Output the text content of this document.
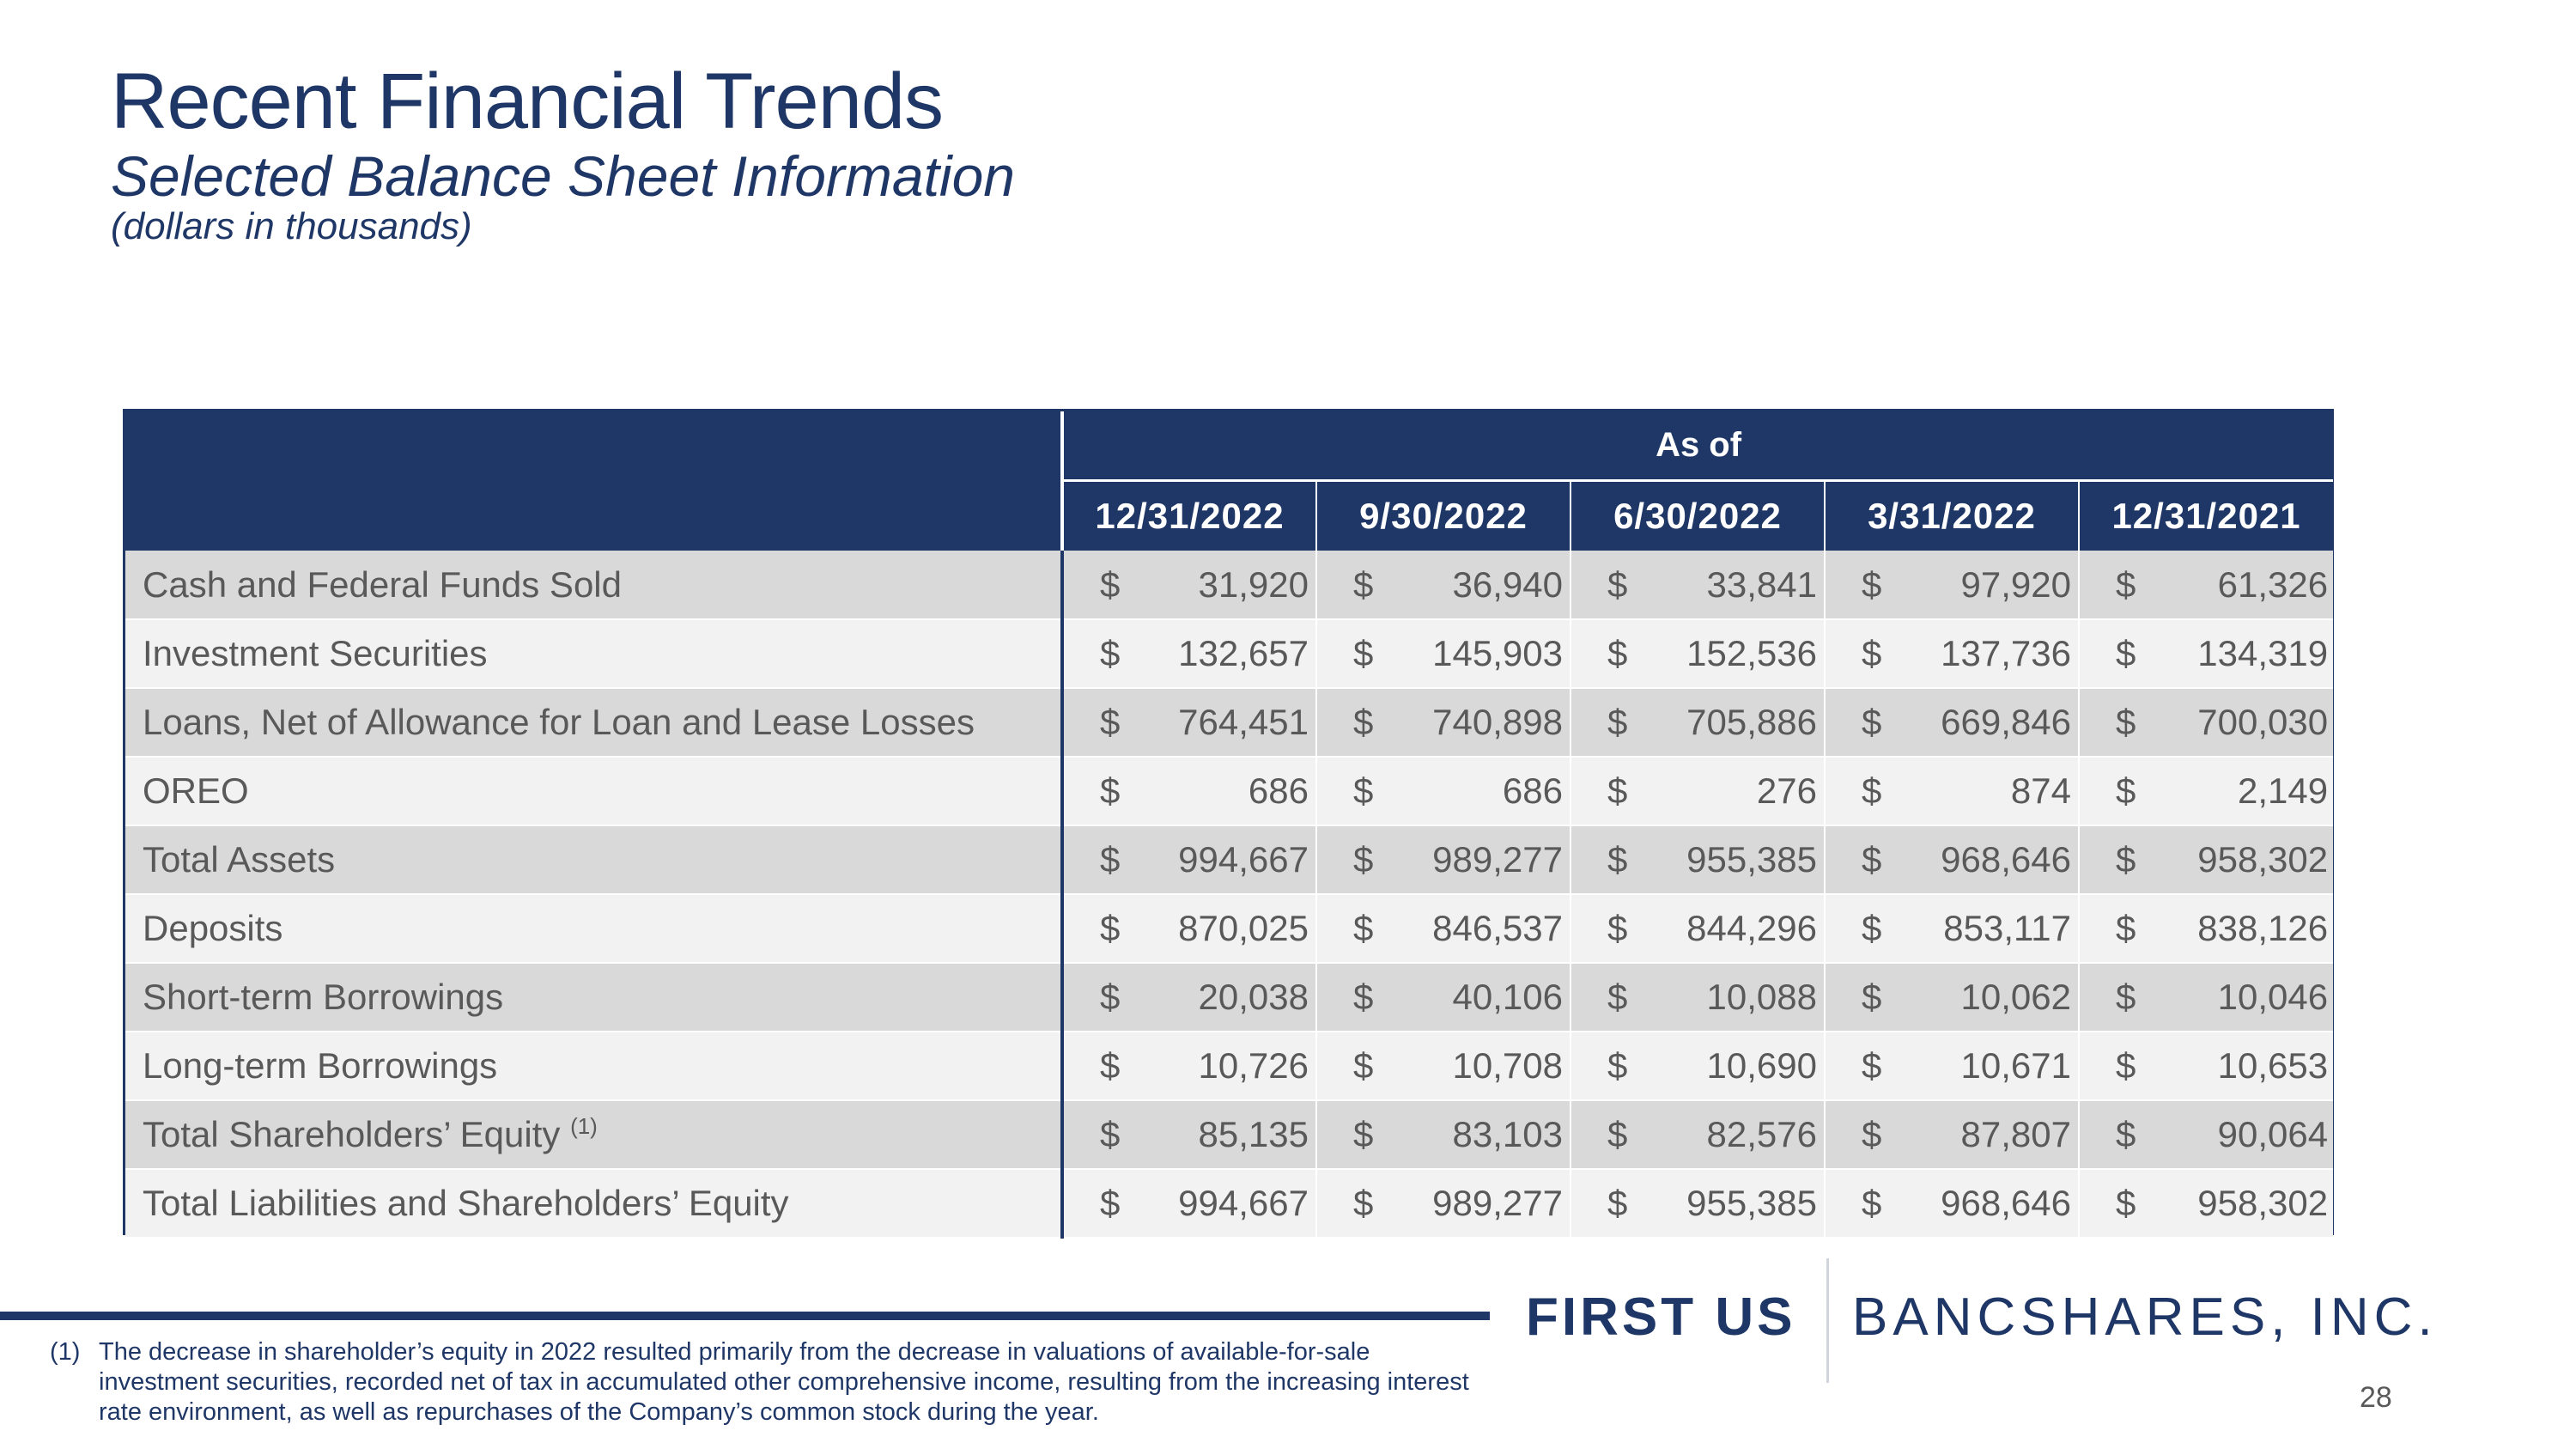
Recent Financial Trends
Selected Balance Sheet Information
(dollars in thousands)
	As of									
	12/31/2022		9/30/2022		6/30/2022		3/31/2022		12/31/2021	
Cash and Federal Funds Sold	$	31,920	$	36,940	$	33,841	$	97,920	$	61,326
Investment Securities	$	132,657	$	145,903	$	152,536	$	137,736	$	134,319
Loans, Net of Allowance for Loan and Lease Losses	$	764,451	$	740,898	$	705,886	$	669,846	$	700,030
OREO	$	686	$	686	$	276	$	874	$	2,149
Total Assets	$	994,667	$	989,277	$	955,385	$	968,646	$	958,302
Deposits	$	870,025	$	846,537	$	844,296	$	853,117	$	838,126
Short-term Borrowings	$	20,038	$	40,106	$	10,088	$	10,062	$	10,046
Long-term Borrowings	$	10,726	$	10,708	$	10,690	$	10,671	$	10,653
Total Shareholders’ Equity $^{(1)}$	$	85,135	$	83,103	$	82,576	$	87,807	$	90,064
Total Liabilities and Shareholders’ Equity	$	994,667	$	989,277	$	955,385	$	968,646	$	958,302
(1) The decrease in shareholder’s equity in 2022 resulted primarily from the decrease in valuations of available-for-sale investment securities, recorded net of tax in accumulated other comprehensive income, resulting from the increasing interest rate environment, as well as repurchases of the Company’s common stock during the year.
FIRST US BANCSHARES, INC.
28
